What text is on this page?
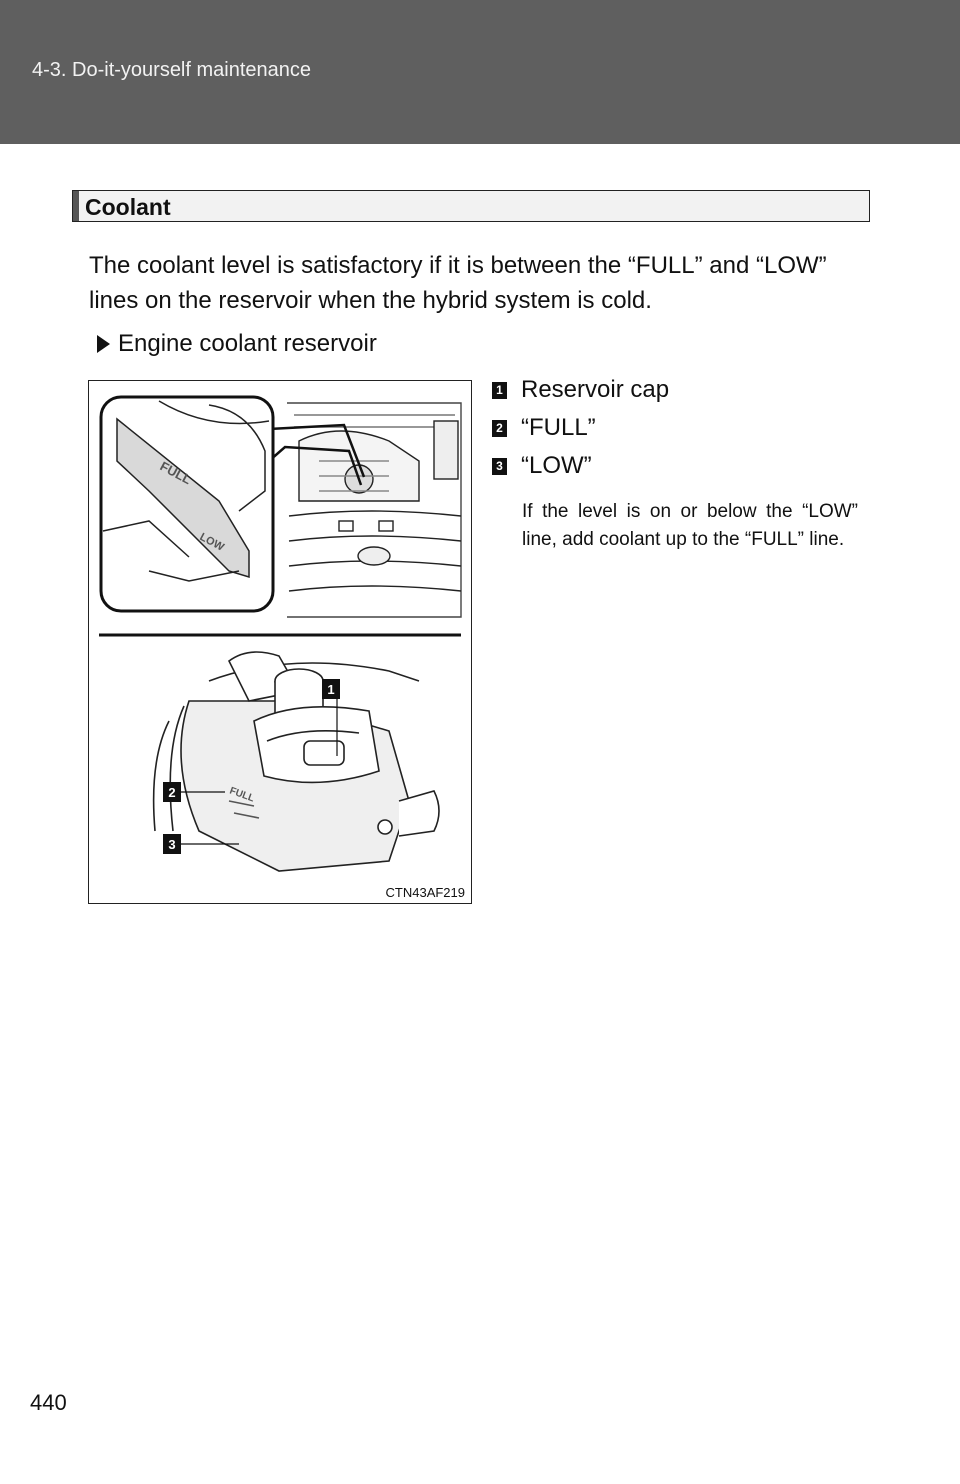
4-3. Do-it-yourself maintenance
Coolant
The coolant level is satisfactory if it is between the “FULL” and “LOW” lines on the reservoir when the hybrid system is cold.
Engine coolant reservoir
FULL
LOW
FULL
1
2
3
CTN43AF219
1 Reservoir cap
2 “FULL”
3 “LOW”
If the level is on or below the “LOW” line, add coolant up to the “FULL” line.
440
